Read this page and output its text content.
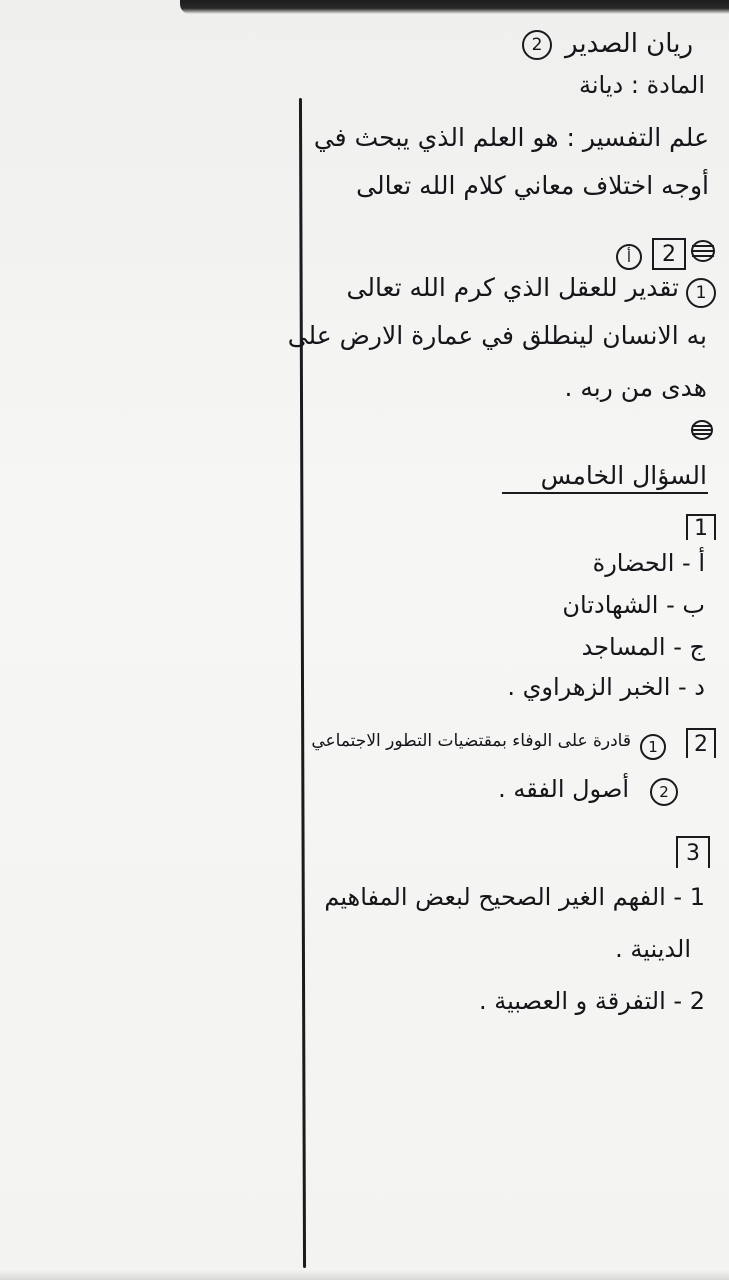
ريان الصدير
2
المادة : ديانة
علم التفسير : هو العلم الذي يبحث في
أوجه اختلاف معاني كلام الله تعالى
أ	2
1
تقدير للعقل الذي كرم الله تعالى
به الانسان لينطلق في عمارة الارض على
هدى من ربه .
السؤال الخامس
1
أ - الحضارة
ب - الشهادتان
ج - المساجد
د - الخبر الزهراوي .
2
1
قادرة على الوفاء بمقتضيات التطور الاجتماعي
2
أصول الفقه .
3
1 - الفهم الغير الصحيح لبعض المفاهيم
الدينية .
2 - التفرقة و العصبية .
